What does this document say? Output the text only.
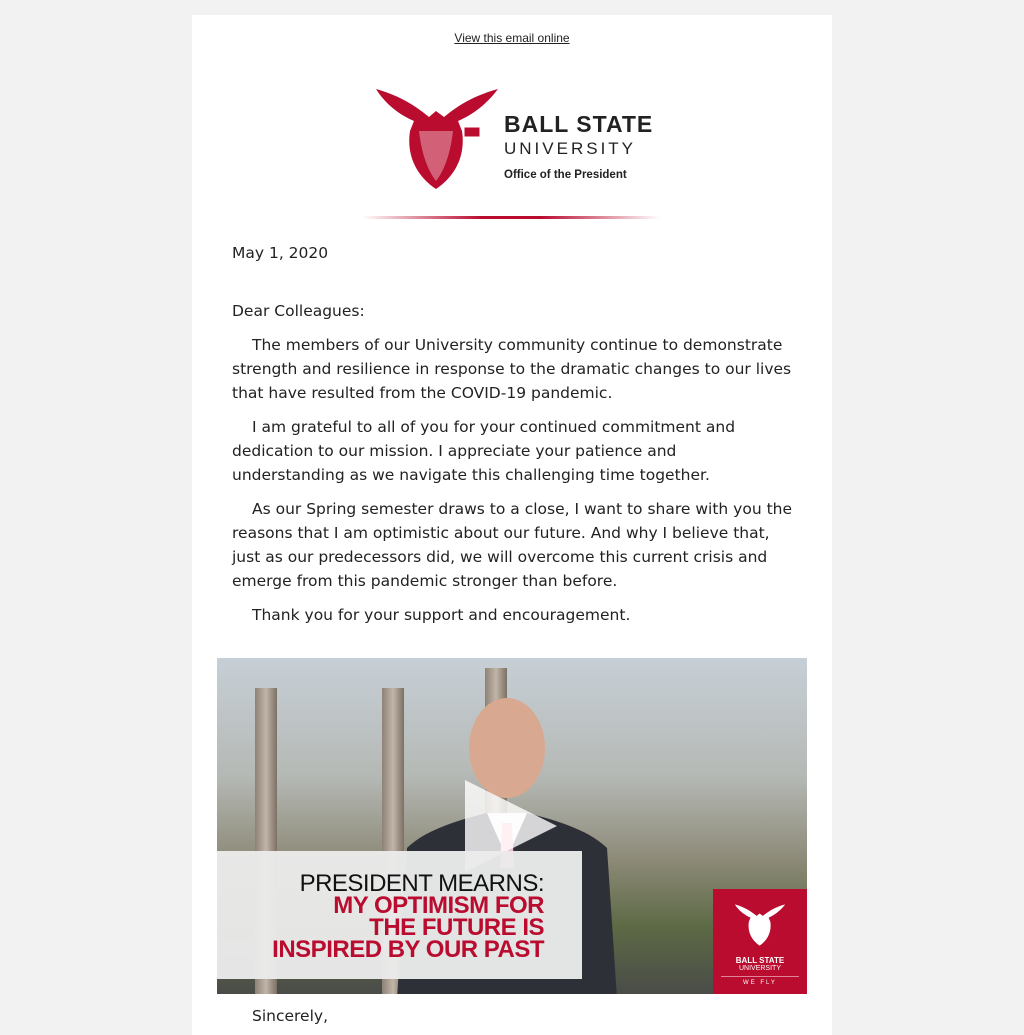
View this email online
BALL STATE
UNIVERSITY
Office of the President

May 1, 2020

Dear Colleagues:

The members of our University community continue to demonstrate strength and resilience in response to the dramatic changes to our lives that have resulted from the COVID-19 pandemic.

I am grateful to all of you for your continued commitment and dedication to our mission. I appreciate your patience and understanding as we navigate this challenging time together.

As our Spring semester draws to a close, I want to share with you the reasons that I am optimistic about our future. And why I believe that, just as our predecessors did, we will overcome this current crisis and emerge from this pandemic stronger than before.

Thank you for your support and encouragement.

PRESIDENT MEARNS:
MY OPTIMISM FOR
THE FUTURE IS
INSPIRED BY OUR PAST	BALL STATE
UNIVERSITY
WE FLY
Sincerely,
